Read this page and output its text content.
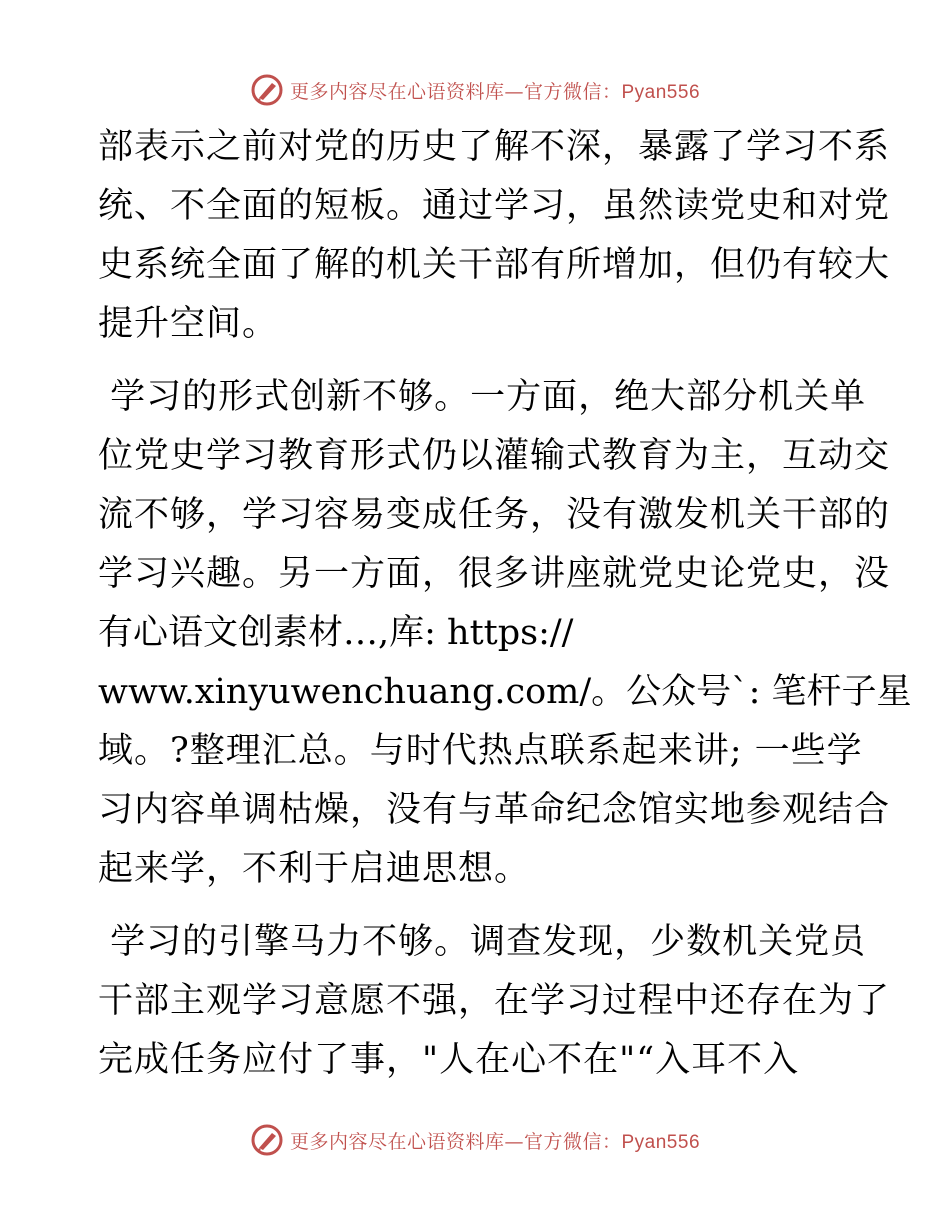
更多内容尽在心语资料库—官方微信：Pyan556
部表示之前对党的历史了解不深，暴露了学习不系
统、不全面的短板。通过学习，虽然读党史和对党
史系统全面了解的机关干部有所增加，但仍有较大
提升空间。
学习的形式创新不够。一方面，绝大部分机关单
位党史学习教育形式仍以灌输式教育为主，互动交
流不够，学习容易变成任务，没有激发机关干部的
学习兴趣。另一方面，很多讲座就党史论党史，没
有心语文创素材…,库: https://
www.xinyuwenchuang.com/。公众号`: 笔杆子星
域。?整理汇总。与时代热点联系起来讲; 一些学
习内容单调枯燥，没有与革命纪念馆实地参观结合
起来学，不利于启迪思想。
学习的引擎马力不够。调查发现，少数机关党员
干部主观学习意愿不强，在学习过程中还存在为了
完成任务应付了事，"人在心不在"“入耳不入
更多内容尽在心语资料库—官方微信：Pyan556
